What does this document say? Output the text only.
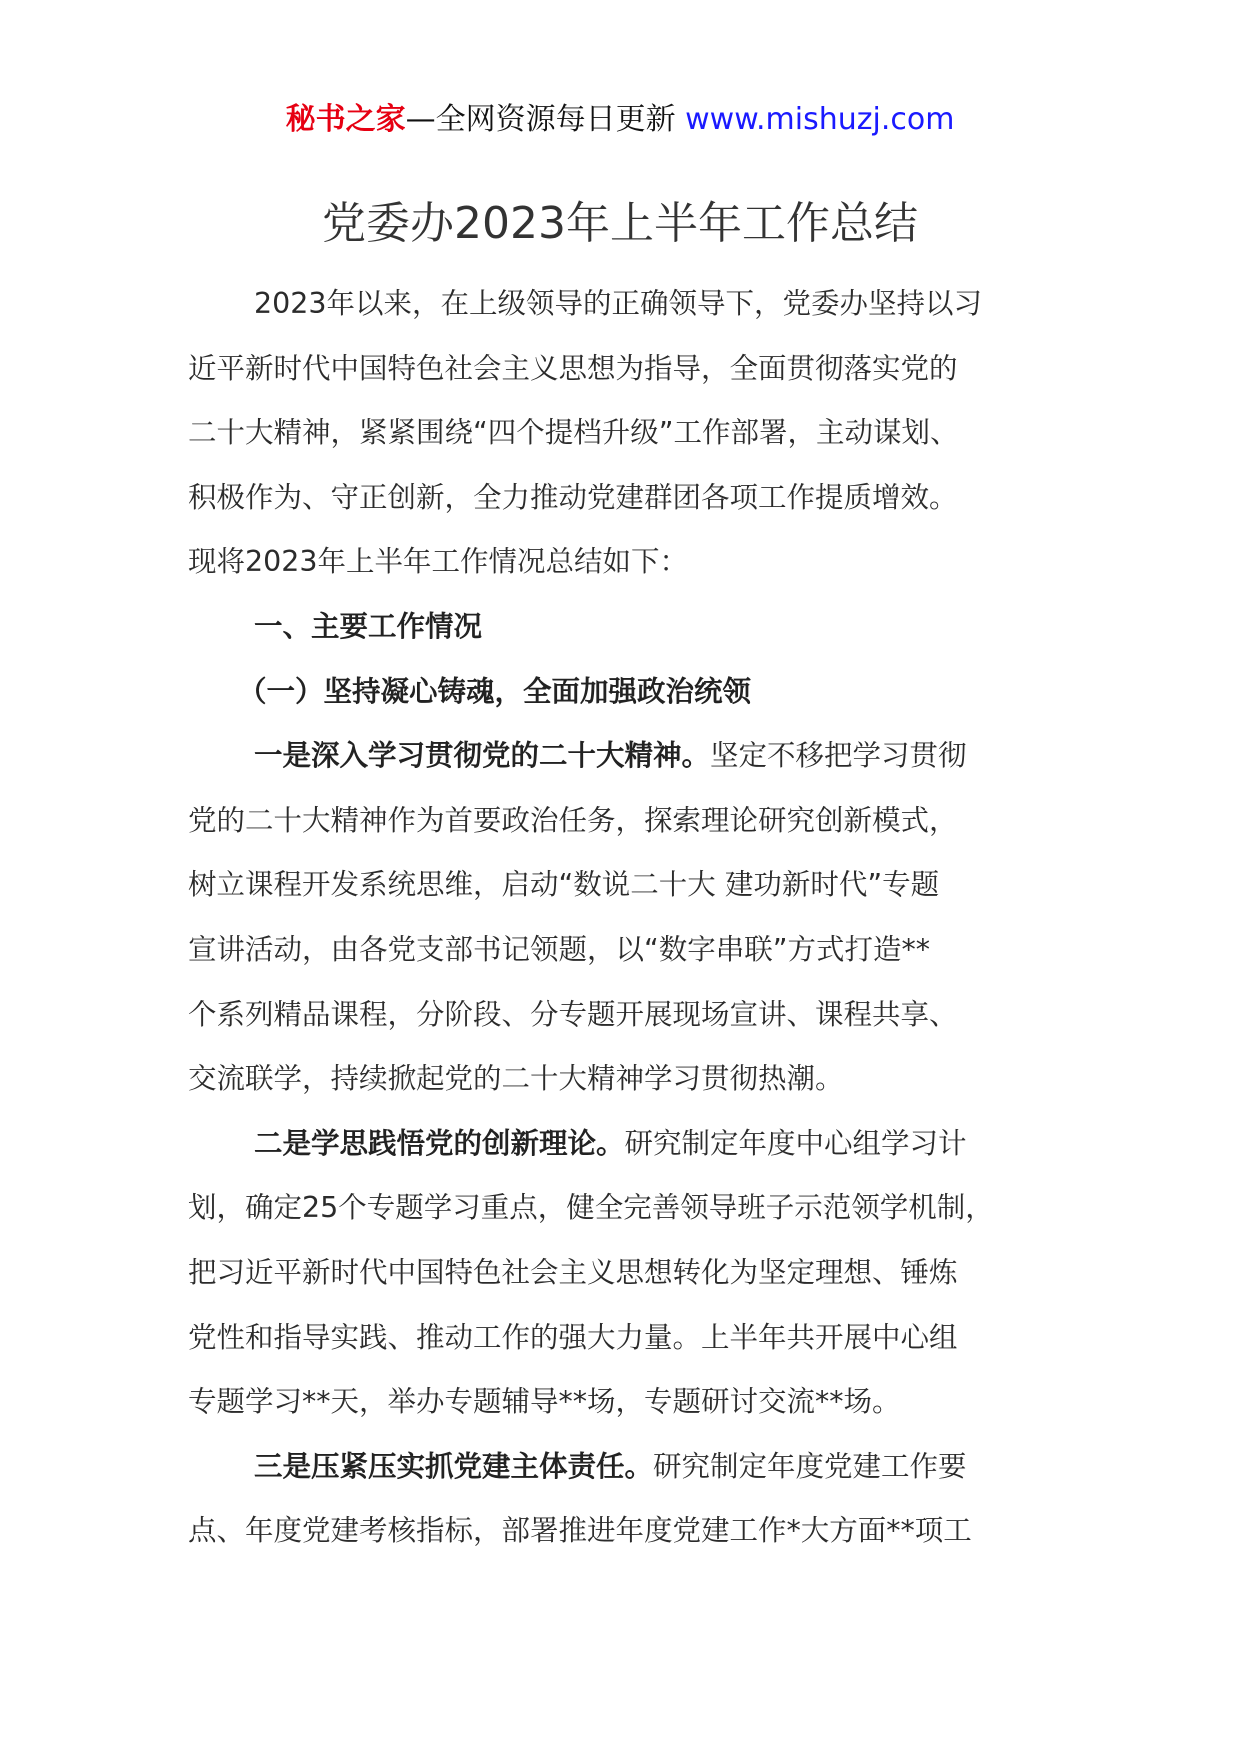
秘书之家—全网资源每日更新 www.mishuzj.com
党委办2023年上半年工作总结
2023年以来，在上级领导的正确领导下，党委办坚持以习
近平新时代中国特色社会主义思想为指导，全面贯彻落实党的
二十大精神，紧紧围绕“四个提档升级”工作部署，主动谋划、
积极作为、守正创新，全力推动党建群团各项工作提质增效。
现将2023年上半年工作情况总结如下：
一、主要工作情况
（一）坚持凝心铸魂，全面加强政治统领
一是深入学习贯彻党的二十大精神。坚定不移把学习贯彻
党的二十大精神作为首要政治任务，探索理论研究创新模式，
树立课程开发系统思维，启动“数说二十大 建功新时代”专题
宣讲活动，由各党支部书记领题，以“数字串联”方式打造**
个系列精品课程，分阶段、分专题开展现场宣讲、课程共享、
交流联学，持续掀起党的二十大精神学习贯彻热潮。
二是学思践悟党的创新理论。研究制定年度中心组学习计
划，确定25个专题学习重点，健全完善领导班子示范领学机制，
把习近平新时代中国特色社会主义思想转化为坚定理想、锤炼
党性和指导实践、推动工作的强大力量。上半年共开展中心组
专题学习**天，举办专题辅导**场，专题研讨交流**场。
三是压紧压实抓党建主体责任。研究制定年度党建工作要
点、年度党建考核指标，部署推进年度党建工作*大方面**项工
